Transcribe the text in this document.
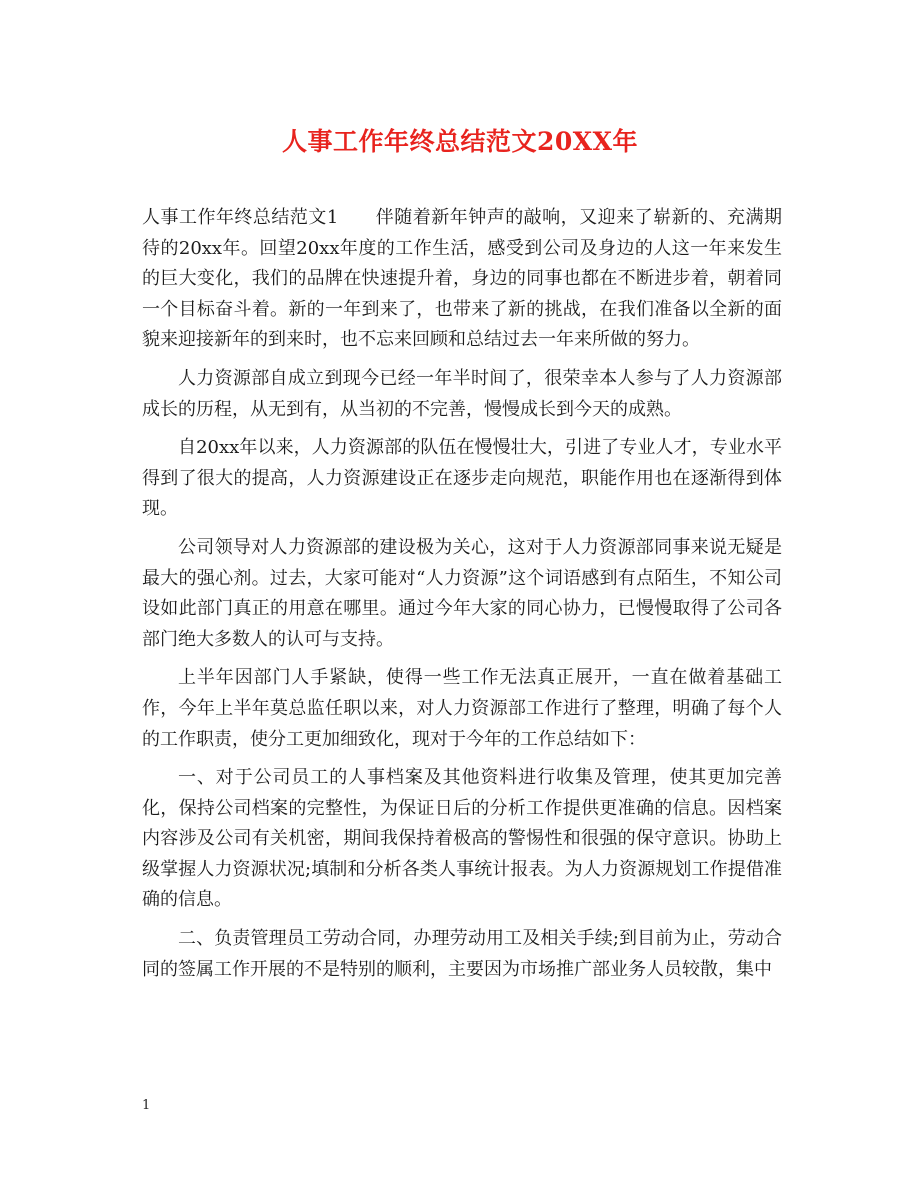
人事工作年终总结范文20XX年

人事工作年终总结范文1　　 伴随着新年钟声的敲响，又迎来了崭新的、充满期待的20xx年。回望20xx年度的工作生活，感受到公司及身边的人这一年来发生的巨大变化，我们的品牌在快速提升着，身边的同事也都在不断进步着，朝着同一个目标奋斗着。新的一年到来了，也带来了新的挑战，在我们准备以全新的面貌来迎接新年的到来时，也不忘来回顾和总结过去一年来所做的努力。

人力资源部自成立到现今已经一年半时间了，很荣幸本人参与了人力资源部成长的历程，从无到有，从当初的不完善，慢慢成长到今天的成熟。

自20xx年以来，人力资源部的队伍在慢慢壮大，引进了专业人才，专业水平得到了很大的提高，人力资源建设正在逐步走向规范，职能作用也在逐渐得到体现。

公司领导对人力资源部的建设极为关心，这对于人力资源部同事来说无疑是最大的强心剂。过去，大家可能对“人力资源”这个词语感到有点陌生，不知公司设如此部门真正的用意在哪里。通过今年大家的同心协力，已慢慢取得了公司各部门绝大多数人的认可与支持。

上半年因部门人手紧缺，使得一些工作无法真正展开，一直在做着基础工作，今年上半年莫总监任职以来，对人力资源部工作进行了整理，明确了每个人的工作职责，使分工更加细致化，现对于今年的工作总结如下：

一、对于公司员工的人事档案及其他资料进行收集及管理，使其更加完善化，保持公司档案的完整性，为保证日后的分析工作提供更准确的信息。因档案内容涉及公司有关机密，期间我保持着极高的警惕性和很强的保守意识。协助上级掌握人力资源状况;填制和分析各类人事统计报表。为人力资源规划工作提借准确的信息。

二、负责管理员工劳动合同，办理劳动用工及相关手续;到目前为止，劳动合同的签属工作开展的不是特别的顺利，主要因为市场推广部业务人员较散，集中

1
